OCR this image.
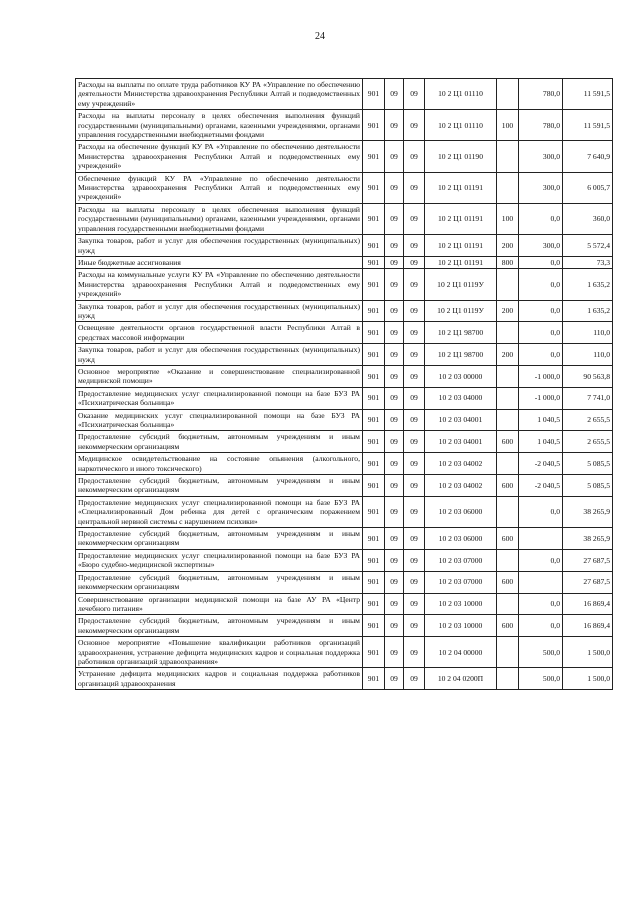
24
Расходы на выплаты по оплате труда работников КУ РА «Управление по обеспечению деятельности Министерства здравоохранения Республики Алтай и подведомственных ему учреждений»	901	09	09	10 2 Ц1 01110		780,0	11 591,5
Расходы на выплаты персоналу в целях обеспечения выполнения функций государственными (муниципальными) органами, казенными учреждениями, органами управления государственными внебюджетными фондами	901	09	09	10 2 Ц1 01110	100	780,0	11 591,5
Расходы на обеспечение функций КУ РА «Управление по обеспечению деятельности Министерства здравоохранения Республики Алтай и подведомственных ему учреждений»	901	09	09	10 2 Ц1 01190		300,0	7 640,9
Обеспечение функций КУ РА «Управление по обеспечению деятельности Министерства здравоохранения Республики Алтай и подведомственных ему учреждений»	901	09	09	10 2 Ц1 01191		300,0	6 005,7
Расходы на выплаты персоналу в целях обеспечения выполнения функций государственными (муниципальными) органами, казенными учреждениями, органами управления государственными внебюджетными фондами	901	09	09	10 2 Ц1 01191	100	0,0	360,0
Закупка товаров, работ и услуг для обеспечения государственных (муниципальных) нужд	901	09	09	10 2 Ц1 01191	200	300,0	5 572,4
Иные бюджетные ассигнования	901	09	09	10 2 Ц1 01191	800	0,0	73,3
Расходы на коммунальные услуги КУ РА «Управление по обеспечению деятельности Министерства здравоохранения Республики Алтай и подведомственных ему учреждений»	901	09	09	10 2 Ц1 0119У		0,0	1 635,2
Закупка товаров, работ и услуг для обеспечения государственных (муниципальных) нужд	901	09	09	10 2 Ц1 0119У	200	0,0	1 635,2
Освещение деятельности органов государственной власти Республики Алтай в средствах массовой информации	901	09	09	10 2 Ц1 98700		0,0	110,0
Закупка товаров, работ и услуг для обеспечения государственных (муниципальных) нужд	901	09	09	10 2 Ц1 98700	200	0,0	110,0
Основное мероприятие «Оказание и совершенствование специализированной медицинской помощи»	901	09	09	10 2 03 00000		-1 000,0	90 563,8
Предоставление медицинских услуг специализированной помощи на базе БУЗ РА «Психиатрическая больница»	901	09	09	10 2 03 04000		-1 000,0	7 741,0
Оказание медицинских услуг специализированной помощи на базе БУЗ РА «Психиатрическая больница»	901	09	09	10 2 03 04001		1 040,5	2 655,5
Предоставление субсидий бюджетным, автономным учреждениям и иным некоммерческим организациям	901	09	09	10 2 03 04001	600	1 040,5	2 655,5
Медицинское освидетельствование на состояние опьянения (алкогольного, наркотического и иного токсического)	901	09	09	10 2 03 04002		-2 040,5	5 085,5
Предоставление субсидий бюджетным, автономным учреждениям и иным некоммерческим организациям	901	09	09	10 2 03 04002	600	-2 040,5	5 085,5
Предоставление медицинских услуг специализированной помощи на базе БУЗ РА «Специализированный Дом ребенка для детей с органическим поражением центральной нервной системы с нарушением психики»	901	09	09	10 2 03 06000		0,0	38 265,9
Предоставление субсидий бюджетным, автономным учреждениям и иным некоммерческим организациям	901	09	09	10 2 03 06000	600		38 265,9
Предоставление медицинских услуг специализированной помощи на базе БУЗ РА «Бюро судебно-медицинской экспертизы»	901	09	09	10 2 03 07000		0,0	27 687,5
Предоставление субсидий бюджетным, автономным учреждениям и иным некоммерческим организациям	901	09	09	10 2 03 07000	600		27 687,5
Совершенствование организации медицинской помощи на базе АУ РА «Центр лечебного питания»	901	09	09	10 2 03 10000		0,0	16 869,4
Предоставление субсидий бюджетным, автономным учреждениям и иным некоммерческим организациям	901	09	09	10 2 03 10000	600	0,0	16 869,4
Основное мероприятие «Повышение квалификации работников организаций здравоохранения, устранение дефицита медицинских кадров и социальная поддержка работников организаций здравоохранения»	901	09	09	10 2 04 00000		500,0	1 500,0
Устранение дефицита медицинских кадров и социальная поддержка работников организаций здравоохранения	901	09	09	10 2 04 0200П		500,0	1 500,0
